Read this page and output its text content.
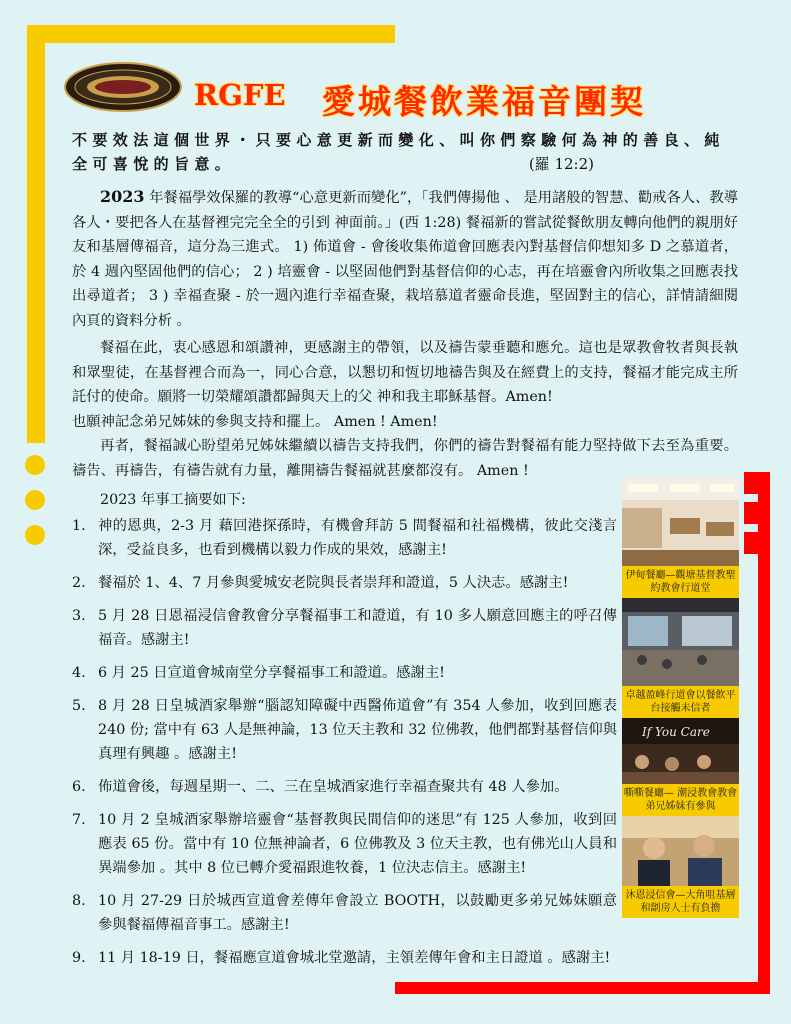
RGFE 愛城餐飲業福音團契
不要效法這個世界・只要心意更新而變化、叫你們察驗何為神的善良、純全可喜悅的旨意。	(羅 12:2)

2023 年餐福學效保羅的教導“心意更新而變化”，「我們傳揚他 、 是用諸般的智慧、勸戒各人、教導各人・要把各人在基督裡完完全全的引到 神面前。」(西 1:28) 餐福新的嘗試從餐飲朋友轉向他們的親朋好友和基層傳福音，這分為三進式。 1) 佈道會 - 會後收集佈道會回應表內對基督信仰想知多 D 之慕道者，於 4 週內堅固他們的信心； 2 ) 培靈會 - 以堅固他們對基督信仰的心志，再在培靈會內所收集之回應表找出尋道者； 3 ) 幸福查聚 - 於一週內進行幸福查聚，栽培慕道者靈命長進，堅固對主的信心，詳情請細閱內頁的資料分析 。

餐福在此，衷心感恩和頌讚神，更感謝主的帶領，以及禱告蒙垂聽和應允。這也是眾教會牧者與長執和眾聖徒，在基督裡合而為一，同心合意，以懇切和恆切地禱告與及在經費上的支持，餐福才能完成主所託付的使命。願將一切榮耀頌讚都歸與天上的父 神和我主耶穌基督。Amen!

也願神記念弟兄姊妹的參與支持和擺上。 Amen ! Amen!

再者，餐福誠心盼望弟兄姊妹繼續以禱告支持我們，你們的禱告對餐福有能力堅持做下去至為重要。禱告、再禱告，有禱告就有力量，離開禱告餐福就甚麼都沒有。 Amen !

2023 年事工摘要如下:
1. 神的恩典，2-3 月 藉回港探孫時，有機會拜訪 5 間餐福和社福機構，彼此交淺言深，受益良多，也看到機構以毅力作成的果效，感謝主!
2. 餐福於 1、4、7 月參與愛城安老院與長者崇拜和證道，5 人決志。感謝主!
3. 5 月 28 日恩福浸信會教會分享餐福事工和證道，有 10 多人願意回應主的呼召傳福音。感謝主!
4. 6 月 25 日宣道會城南堂分享餐福事工和證道。感謝主!
5. 8 月 28 日皇城酒家舉辦“腦認知障礙中西醫佈道會”有 354 人參加，收到回應表 240 份; 當中有 63 人是無神論，13 位天主教和 32 位佛教，他們都對基督信仰與真理有興趣 。感謝主!
6. 佈道會後，每週星期一、二、三在皇城酒家進行幸福查聚共有 48 人參加。
7. 10 月 2 皇城酒家舉辦培靈會“基督教與民間信仰的迷思”有 125 人參加，收到回應表 65 份。當中有 10 位無神論者，6 位佛教及 3 位天主教，也有佛光山人員和異端參加 。其中 8 位已轉介愛福跟進牧養，1 位決志信主。感謝主!
8. 10 月 27-29 日於城西宣道會差傳年會設立 BOOTH，以鼓勵更多弟兄姊妹願意參與餐福傳福音事工。感謝主!
9. 11 月 18-19 日，餐福應宣道會城北堂邀請，主領差傳年會和主日證道 。感謝主!
伊甸餐廳—觀塘基督教聖約教會行道堂
卓越盈峰行道會以餐飲平台接觸未信者
If You Care
嘶嘶餐廳— 潮浸教會教會弟兄姊妹有參與
沐恩浸信會—大角咀基層和劏房人士有負擔
